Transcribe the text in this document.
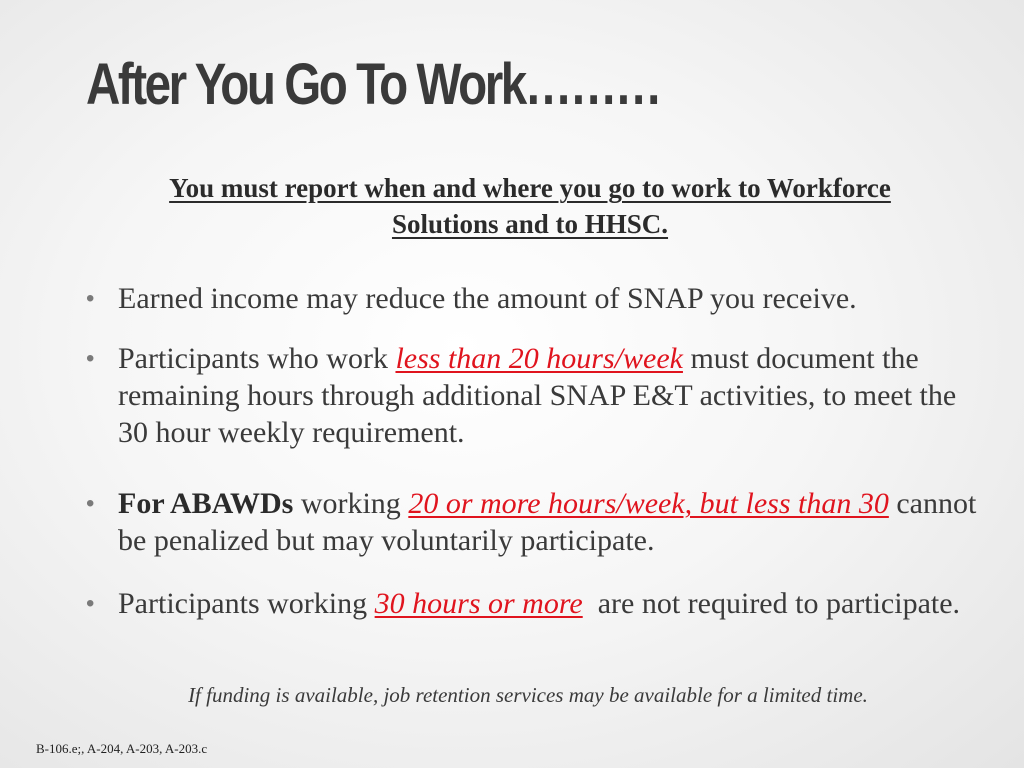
After You Go To Work………
You must report when and where you go to work to Workforce Solutions and to HHSC.
• Earned income may reduce the amount of SNAP you receive.
• Participants who work less than 20 hours/week must document the remaining hours through additional SNAP E&T activities, to meet the 30 hour weekly requirement.
• For ABAWDs working 20 or more hours/week, but less than 30 cannot be penalized but may voluntarily participate.
• Participants working 30 hours or more are not required to participate.
If funding is available, job retention services may be available for a limited time.
B-106.e;, A-204, A-203, A-203.c
